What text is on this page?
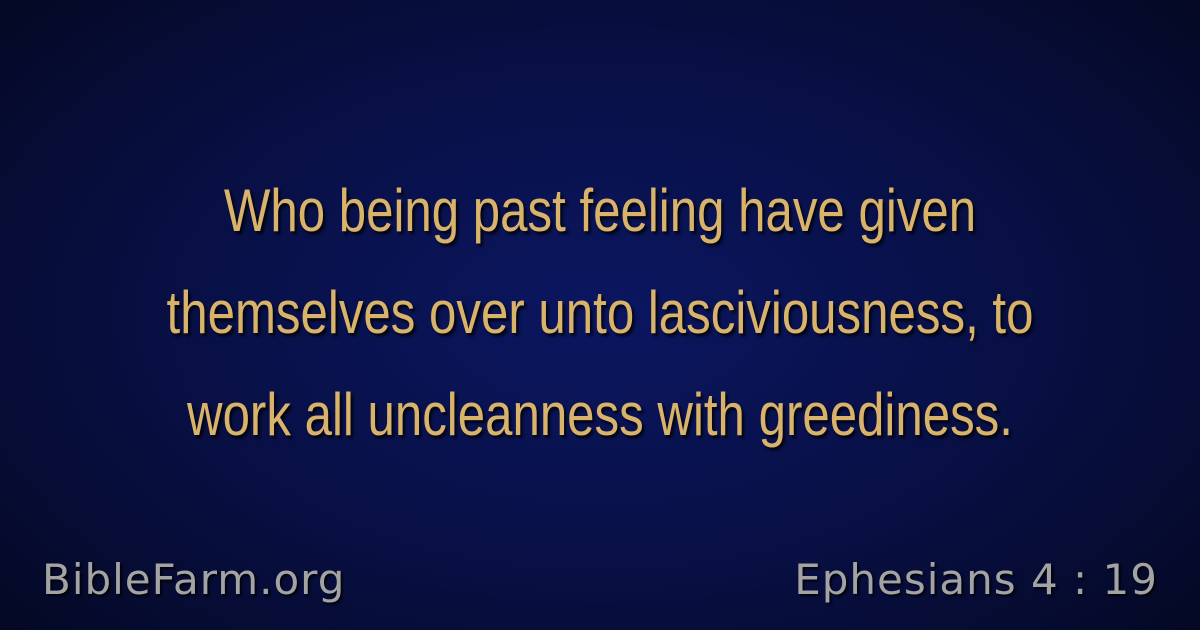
Who being past feeling have given themselves over unto lasciviousness, to work all uncleanness with greediness.

BibleFarm.org	Ephesians 4 : 19
